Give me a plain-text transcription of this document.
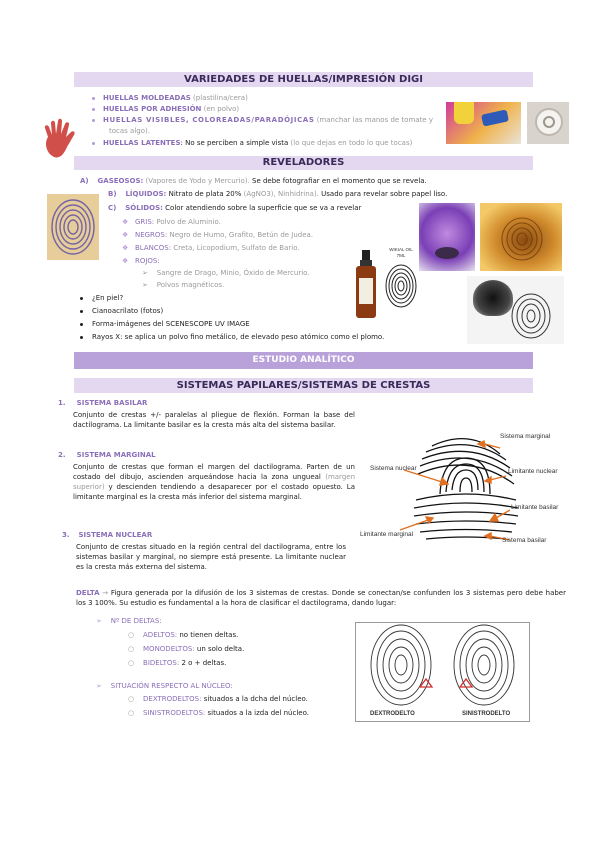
VARIEDADES DE HUELLAS/IMPRESIÓN DIGI
HUELLAS MOLDEADAS (plastilina/cera)
HUELLAS POR ADHESIÓN (en polvo)
HUELLAS VISIBLES, COLOREADAS/PARADÓJICAS (manchar las manos de tomate y
tocas algo).
HUELLAS LATENTES: No se perciben a simple vista (lo que dejas en todo lo que tocas)
REVELADORES
A) GASEOSOS: (Vapores de Yodo y Mercurio). Se debe fotografiar en el momento que se revela.
B) LÍQUIDOS: Nitrato de plata 20% (AgNO3), Ninhidrina). Usado para revelar sobre papel liso.
C) SÓLIDOS: Color atendiendo sobre la superficie que se va a revelar
❖ GRIS: Polvo de Aluminio.
❖ NEGROS: Negro de Humo, Grafito, Betún de Judea.
❖ BLANCOS: Creta, Licopodium, Sulfato de Bario.
❖ ROJOS:
➢    Sangre de Drago, Minio, Óxido de Mercurio.
➢    Polvos magnéticos.
¿En piel?
Cianoacrilato (fotos)
Forma-imágenes del SCENESCOPE UV IMAGE
Rayos X: se aplica un polvo fino metálico, de elevado peso atómico como el plomo.
WIKIAL OIL 7ML
ESTUDIO ANALÍTICO
SISTEMAS PAPILARES/SISTEMAS DE CRESTAS
1. SISTEMA BASILAR
Conjunto de crestas +/- paralelas al pliegue de flexión. Forman la base del dactilograma. La limitante basilar es la cresta más alta del sistema basilar.
2. SISTEMA MARGINAL
Conjunto de crestas que forman el margen del dactilograma. Parten de un costado del dibujo, ascienden arqueándose hacia la zona ungueal (margen superior) y descienden tendiendo a desaparecer por el costado opuesto. La limitante marginal es la cresta más inferior del sistema marginal.
3. SISTEMA NUCLEAR
Conjunto de crestas situado en la región central del dactilograma, entre los sistemas basilar y marginal, no siempre está presente. La limitante nuclear es la cresta más externa del sistema.
Sistema marginal
Sistema nuclear	Limitante nuclear
Limitante basilar
Limitante marginal
Sistema basilar
DELTA → Figura generada por la difusión de los 3 sistemas de crestas. Donde se conectan/se confunden los 3 sistemas pero debe haber los 3 100%. Su estudio es fundamental a la hora de clasificar el dactilograma, dando lugar:
➢ Nº DE DELTAS:
○ ADELTOS: no tienen deltas.
○ MONODELTOS: un solo delta.
○ BIDELTOS: 2 o + deltas.
➢ SITUACIÓN RESPECTO AL NÚCLEO:
○ DEXTRODELTOS: situados a la dcha del núcleo.
○ SINISTRODELTOS: situados a la izda del núcleo.	DEXTRODELTO	SINISTRODELTO
